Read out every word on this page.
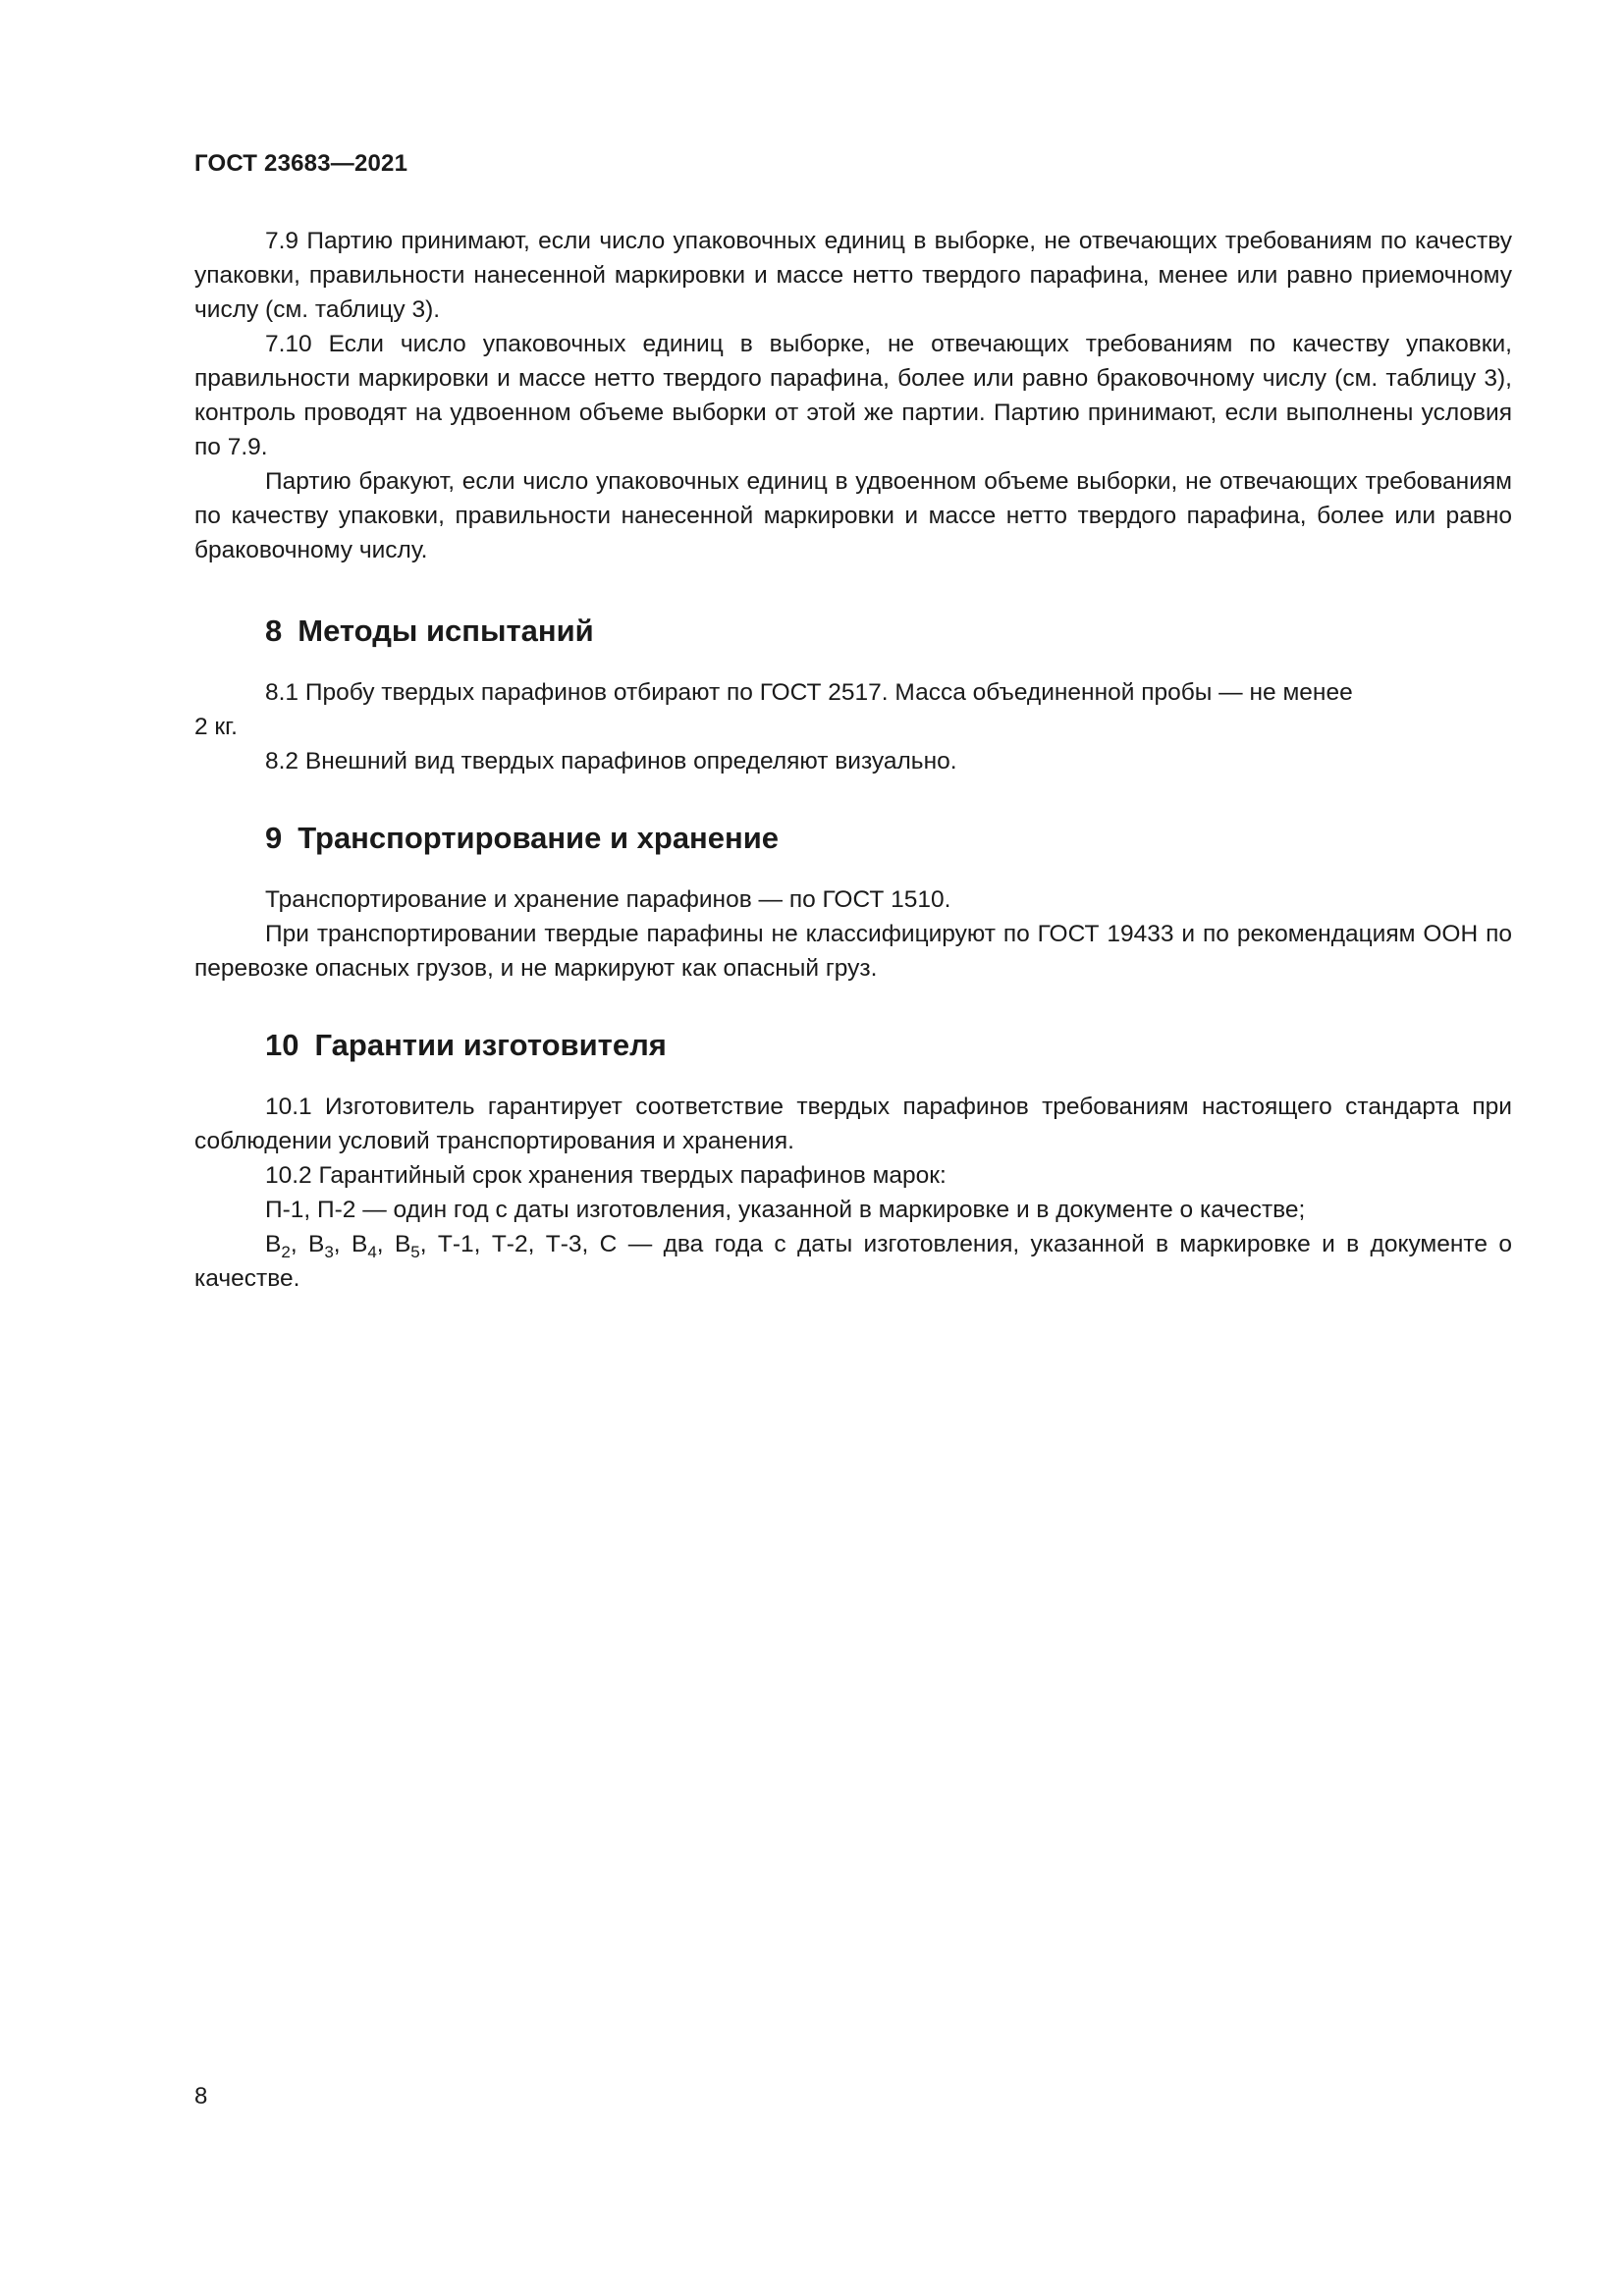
ГОСТ 23683—2021

7.9 Партию принимают, если число упаковочных единиц в выборке, не отвечающих требованиям по качеству упаковки, правильности нанесенной маркировки и массе нетто твердого парафина, менее или равно приемочному числу (см. таблицу 3).

7.10 Если число упаковочных единиц в выборке, не отвечающих требованиям по качеству упаковки, правильности маркировки и массе нетто твердого парафина, более или равно браковочному числу (см. таблицу 3), контроль проводят на удвоенном объеме выборки от этой же партии. Партию принимают, если выполнены условия по 7.9.

Партию бракуют, если число упаковочных единиц в удвоенном объеме выборки, не отвечающих требованиям по качеству упаковки, правильности нанесенной маркировки и массе нетто твердого парафина, более или равно браковочному числу.

8 Методы испытаний

8.1 Пробу твердых парафинов отбирают по ГОСТ 2517. Масса объединенной пробы — не менее

2 кг.

8.2 Внешний вид твердых парафинов определяют визуально.

9 Транспортирование и хранение

Транспортирование и хранение парафинов — по ГОСТ 1510.

При транспортировании твердые парафины не классифицируют по ГОСТ 19433 и по рекомендациям ООН по перевозке опасных грузов, и не маркируют как опасный груз.

10 Гарантии изготовителя

10.1 Изготовитель гарантирует соответствие твердых парафинов требованиям настоящего стандарта при соблюдении условий транспортирования и хранения.

10.2 Гарантийный срок хранения твердых парафинов марок:

П-1, П-2 — один год с даты изготовления, указанной в маркировке и в документе о качестве;

$В_2$, $В_3$, $В_4$, $В_5$, Т-1, Т-2, Т-3, С — два года с даты изготовления, указанной в маркировке и в документе о качестве.

8
